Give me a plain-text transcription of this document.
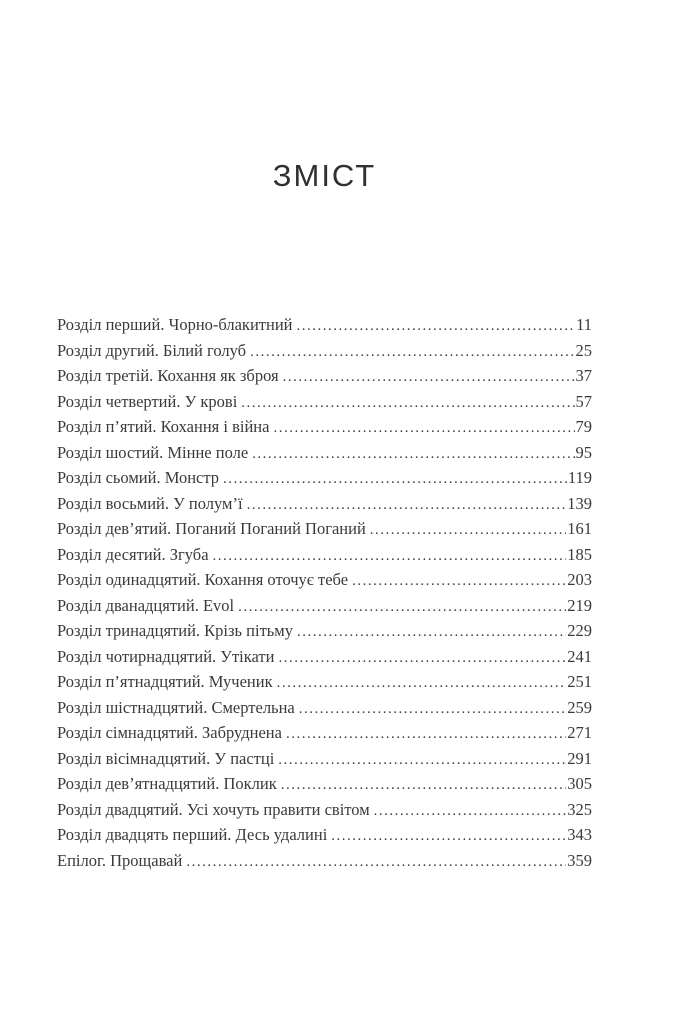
ЗМІСТ
Розділ перший. Чорно-блакитний .....	11
Розділ другий. Білий голуб .....	25
Розділ третій. Кохання як зброя .....	37
Розділ четвертий. У крові .....	57
Розділ п’ятий. Кохання і війна .....	79
Розділ шостий. Мінне поле .....	95
Розділ сьомий. Монстр .....	119
Розділ восьмий. У полум’ї .....	139
Розділ дев’ятий. Поганий Поганий Поганий .....	161
Розділ десятий. Згуба .....	185
Розділ одинадцятий. Кохання оточує тебе .....	203
Розділ дванадцятий. Evol .....	219
Розділ тринадцятий. Крізь пітьму .....	229
Розділ чотирнадцятий. Утікати .....	241
Розділ п’ятнадцятий. Мученик .....	251
Розділ шістнадцятий. Смертельна .....	259
Розділ сімнадцятий. Забруднена .....	271
Розділ вісімнадцятий. У пастці .....	291
Розділ дев’ятнадцятий. Поклик .....	305
Розділ двадцятий. Усі хочуть правити світом .....	325
Розділ двадцять перший. Десь удалині .....	343
Епілог. Прощавай .....	359
